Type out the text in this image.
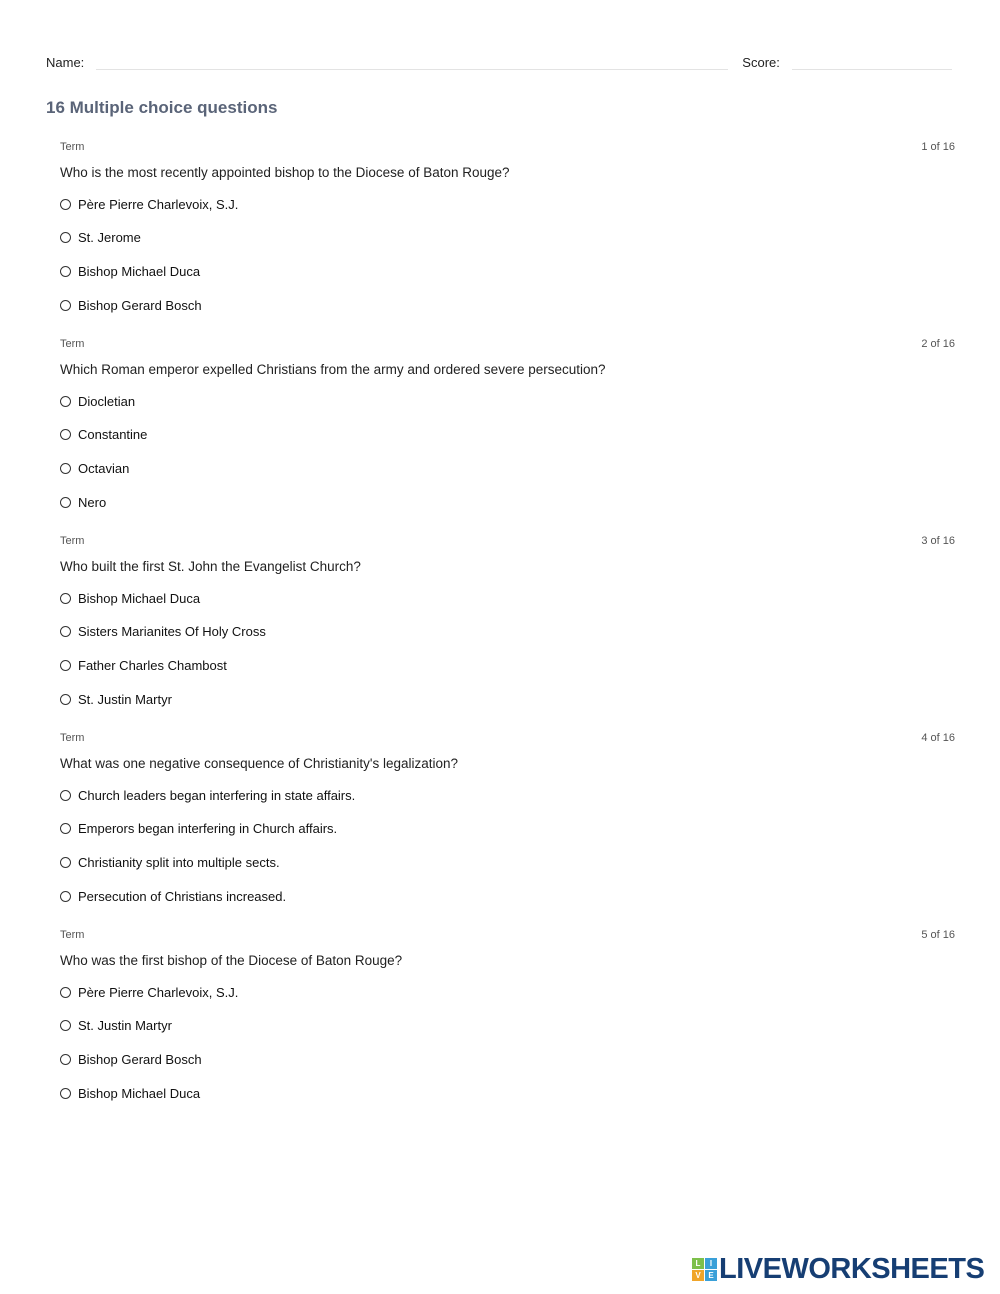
Name:	Score:
16 Multiple choice questions
Term	1 of 16
Who is the most recently appointed bishop to the Diocese of Baton Rouge?
Père Pierre Charlevoix, S.J.
St. Jerome
Bishop Michael Duca
Bishop Gerard Bosch
Term	2 of 16
Which Roman emperor expelled Christians from the army and ordered severe persecution?
Diocletian
Constantine
Octavian
Nero
Term	3 of 16
Who built the first St. John the Evangelist Church?
Bishop Michael Duca
Sisters Marianites Of Holy Cross
Father Charles Chambost
St. Justin Martyr
Term	4 of 16
What was one negative consequence of Christianity's legalization?
Church leaders began interfering in state affairs.
Emperors began interfering in Church affairs.
Christianity split into multiple sects.
Persecution of Christians increased.
Term	5 of 16
Who was the first bishop of the Diocese of Baton Rouge?
Père Pierre Charlevoix, S.J.
St. Justin Martyr
Bishop Gerard Bosch
Bishop Michael Duca
L	I
V E LIVEWORKSHEETS
